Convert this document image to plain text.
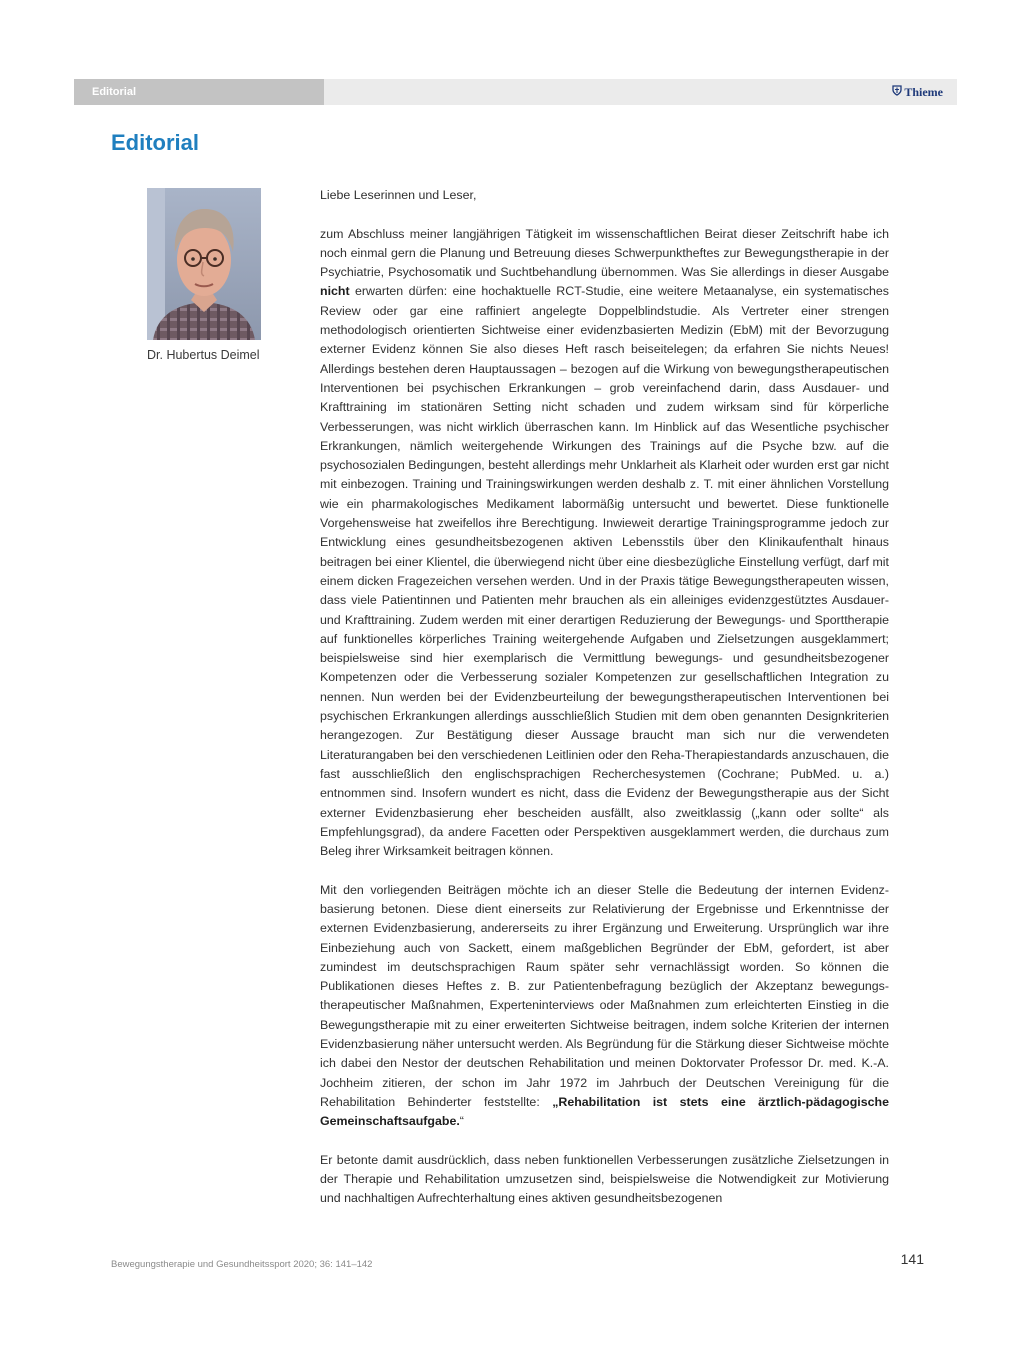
Editorial	Thieme
Editorial
Dr. Hubertus Deimel

Liebe Leserinnen und Leser,

zum Abschluss meiner langjährigen Tätigkeit im wissenschaftlichen Beirat dieser Zeitschrift habe ich noch einmal gern die Planung und Betreuung dieses Schwerpunktheftes zur Bewegungstherapie in der Psychiatrie, Psychosomatik und Suchtbehandlung übernommen. Was Sie allerdings in dieser Ausgabe nicht erwarten dürfen: eine hochaktuelle RCT-Studie, eine weitere Metaanalyse, ein systematisches Review oder gar eine raffiniert angelegte Doppelblindstudie. Als Vertreter einer strengen methodologisch orientierten Sichtweise einer evidenzbasierten Medizin (EbM) mit der Bevorzugung externer Evidenz können Sie also dieses Heft rasch beiseitelegen; da erfahren Sie nichts Neues! Allerdings bestehen deren Hauptaussagen – bezogen auf die Wirkung von bewegungstherapeutischen Interventionen bei psychischen Erkrankungen – grob vereinfachend darin, dass Ausdauer- und Krafttraining im stationären Setting nicht schaden und zudem wirksam sind für körperliche Verbesserungen, was nicht wirklich überraschen kann. Im Hinblick auf das Wesentliche psychischer Erkrankungen, nämlich weitergehende Wirkungen des Trainings auf die Psyche bzw. auf die psychosozialen Bedingungen, besteht allerdings mehr Unklarheit als Klarheit oder wurden erst gar nicht mit einbezogen. Training und Trainingswirkungen werden deshalb z. T. mit einer ähnlichen Vorstellung wie ein pharmakologisches Medikament labormäßig untersucht und bewertet. Diese funktionelle Vorgehensweise hat zweifellos ihre Berechtigung. Inwieweit derartige Trainingsprogramme jedoch zur Entwicklung eines gesundheitsbezogenen aktiven Lebensstils über den Klinikaufenthalt hinaus beitragen bei einer Klientel, die überwiegend nicht über eine diesbezügliche Einstellung verfügt, darf mit einem dicken Fragezeichen versehen werden. Und in der Praxis tätige Bewegungstherapeuten wissen, dass viele Patientinnen und Patienten mehr brauchen als ein alleiniges evidenzgestütztes Ausdauer- und Krafttraining. Zudem werden mit einer derartigen Reduzierung der Bewegungs- und Sporttherapie auf funktionelles körperliches Training weitergehende Aufgaben und Zielsetzungen ausgeklammert; beispielsweise sind hier exemplarisch die Vermittlung bewegungs- und gesundheitsbezogener Kompetenzen oder die Verbesserung sozialer Kompetenzen zur gesellschaftlichen Integration zu nennen. Nun werden bei der Evidenzbeurteilung der bewegungstherapeutischen Interventionen bei psychischen Erkrankungen allerdings ausschließlich Studien mit dem oben genannten Designkriterien herangezogen. Zur Bestätigung dieser Aussage braucht man sich nur die verwendeten Literaturangaben bei den verschiedenen Leitlinien oder den Reha-Therapiestandards anzuschauen, die fast ausschließlich den englischsprachigen Recherchesystemen (Cochrane; PubMed. u. a.) entnommen sind. Insofern wundert es nicht, dass die Evidenz der Bewegungstherapie aus der Sicht externer Evidenzbasierung eher bescheiden ausfällt, also zweitklassig („kann oder sollte“ als Empfehlungsgrad), da andere Facetten oder Perspektiven ausgeklammert werden, die durchaus zum Beleg ihrer Wirksamkeit beitragen können.

Mit den vorliegenden Beiträgen möchte ich an dieser Stelle die Bedeutung der internen Evidenzbasierung betonen. Diese dient einerseits zur Relativierung der Ergebnisse und Erkenntnisse der externen Evidenzbasierung, andererseits zu ihrer Ergänzung und Erweiterung. Ursprünglich war ihre Einbeziehung auch von Sackett, einem maßgeblichen Begründer der EbM, gefordert, ist aber zumindest im deutschsprachigen Raum später sehr vernachlässigt worden. So können die Publikationen dieses Heftes z. B. zur Patientenbefragung bezüglich der Akzeptanz bewegungstherapeutischer Maßnahmen, Experteninterviews oder Maßnahmen zum erleichterten Einstieg in die Bewegungstherapie mit zu einer erweiterten Sichtweise beitragen, indem solche Kriterien der internen Evidenzbasierung näher untersucht werden. Als Begründung für die Stärkung dieser Sichtweise möchte ich dabei den Nestor der deutschen Rehabilitation und meinen Doktorvater Professor Dr. med. K.-A. Jochheim zitieren, der schon im Jahr 1972 im Jahrbuch der Deutschen Vereinigung für die Rehabilitation Behinderter feststellte: „Rehabilitation ist stets eine ärztlich-pädagogische Gemeinschaftsaufgabe.“

Er betonte damit ausdrücklich, dass neben funktionellen Verbesserungen zusätzliche Zielsetzungen in der Therapie und Rehabilitation umzusetzen sind, beispielsweise die Notwendigkeit zur Motivierung und nachhaltigen Aufrechterhaltung eines aktiven gesundheitsbezogenen

Bewegungstherapie und Gesundheitssport 2020; 36: 141–142	141
